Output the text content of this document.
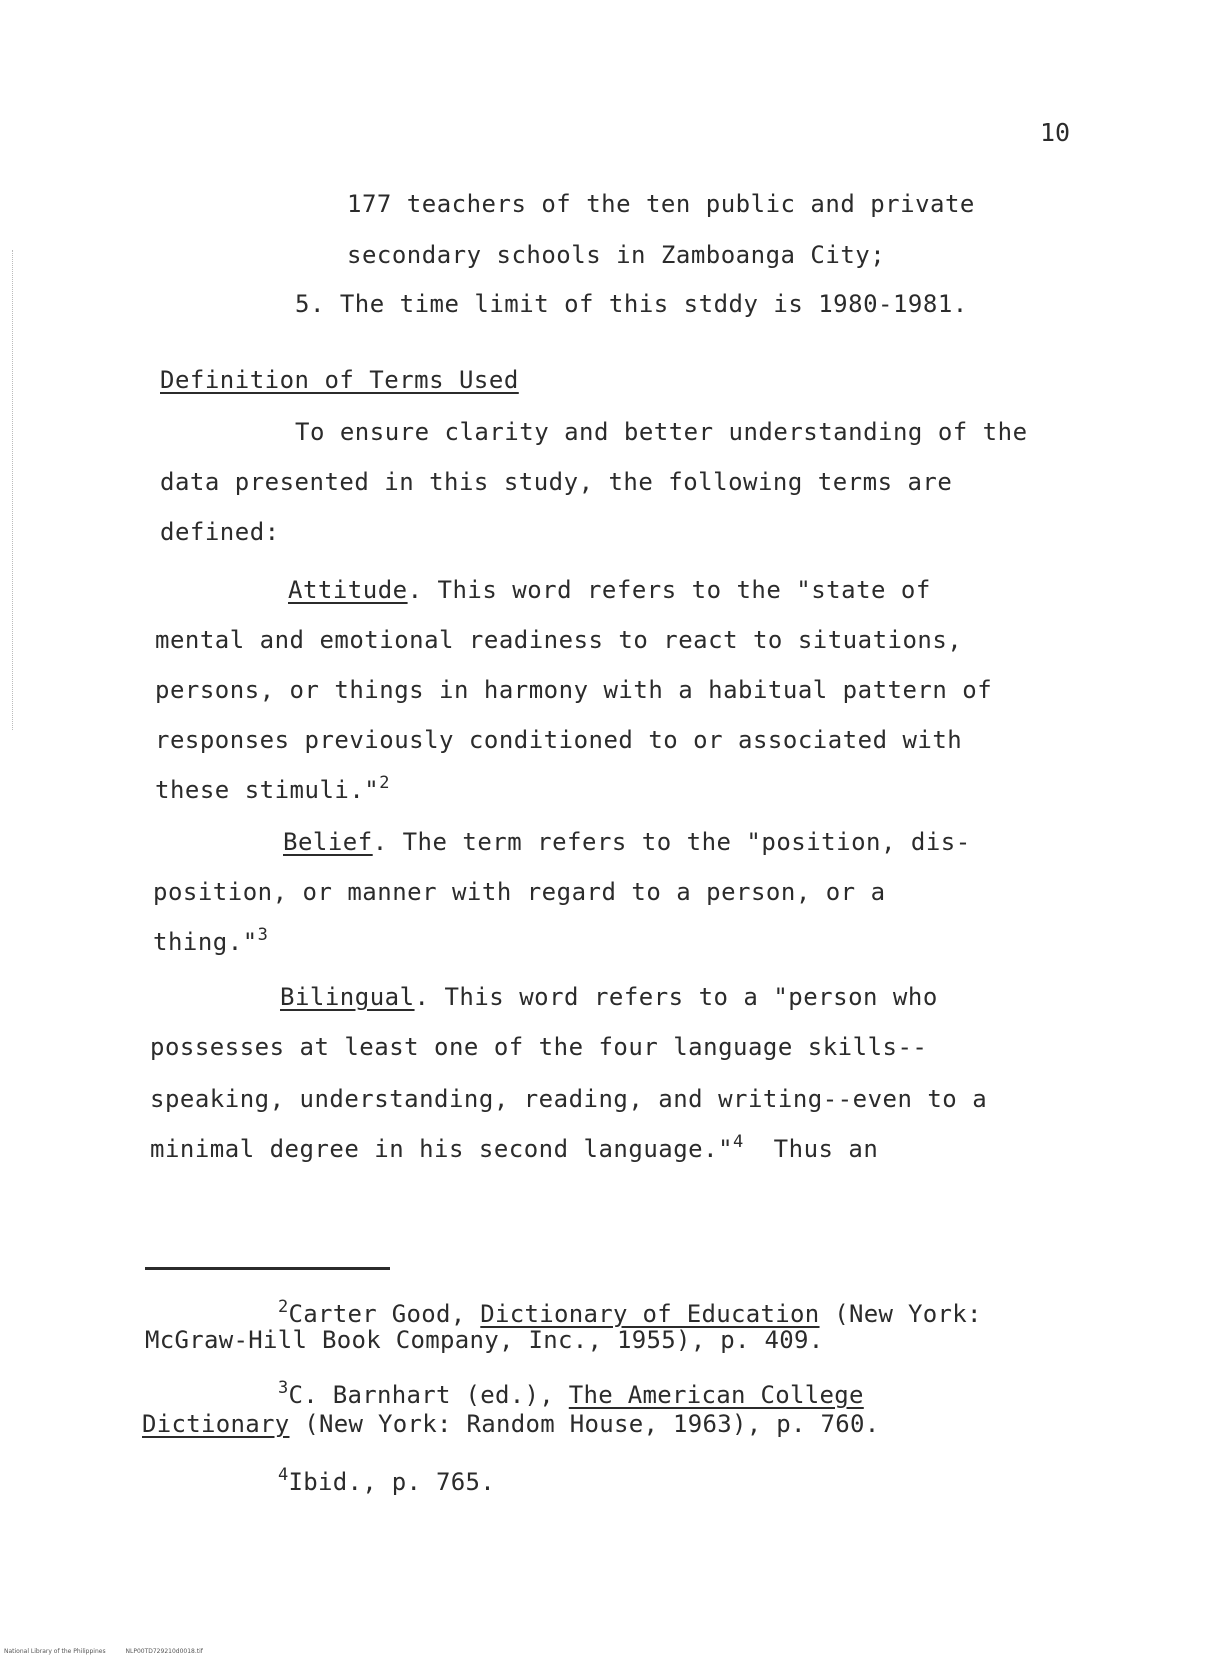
10
177 teachers of the ten public and private
secondary schools in Zamboanga City;
5. The time limit of this stddy is 1980-1981.
Definition of Terms Used
To ensure clarity and better understanding of the
data presented in this study, the following terms are
defined:
Attitude. This word refers to the "state of
mental and emotional readiness to react to situations,
persons, or things in harmony with a habitual pattern of
responses previously conditioned to or associated with
these stimuli."$^2$
Belief. The term refers to the "position, dis-
position, or manner with regard to a person, or a
thing."$^3$
Bilingual. This word refers to a "person who
possesses at least one of the four language skills--
speaking, understanding, reading, and writing--even to a
minimal degree in his second language."$^4$  Thus an
$^2$Carter Good, Dictionary of Education (New York:
McGraw-Hill Book Company, Inc., 1955), p. 409.
$^3$C. Barnhart (ed.), The American College
Dictionary (New York: Random House, 1963), p. 760.
$^4$Ibid., p. 765.
National Library of the Philippines	NLP00TD729210d0018.tif
